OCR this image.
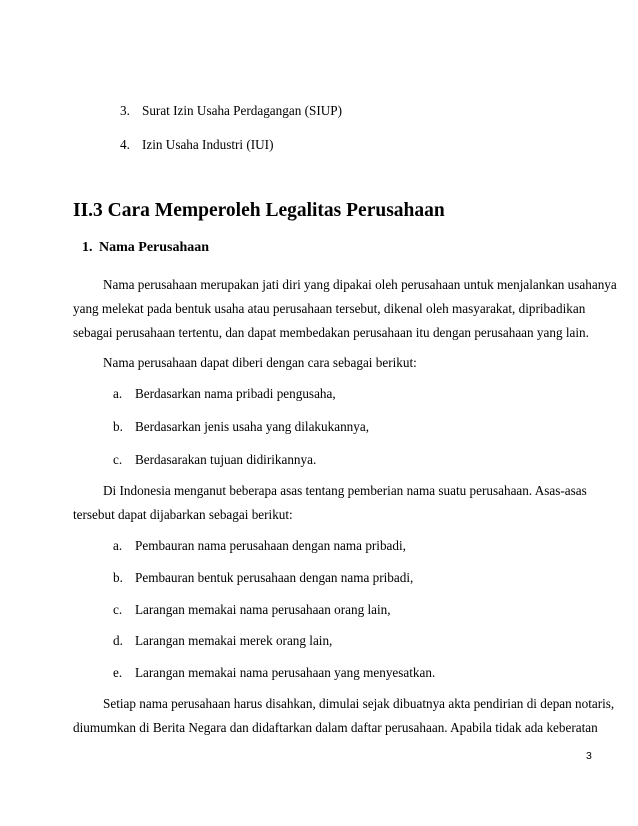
3. Surat Izin Usaha Perdagangan (SIUP)
4. Izin Usaha Industri (IUI)
II.3 Cara Memperoleh Legalitas Perusahaan
1. Nama Perusahaan
Nama perusahaan merupakan jati diri yang dipakai oleh perusahaan untuk menjalankan usahanya
yang melekat pada bentuk usaha atau perusahaan tersebut, dikenal oleh masyarakat, dipribadikan
sebagai perusahaan tertentu, dan dapat membedakan perusahaan itu dengan perusahaan yang lain.
Nama perusahaan dapat diberi dengan cara sebagai berikut:
a. Berdasarkan nama pribadi pengusaha,
b. Berdasarkan jenis usaha yang dilakukannya,
c. Berdasarakan tujuan didirikannya.
Di Indonesia menganut beberapa asas tentang pemberian nama suatu perusahaan. Asas-asas
tersebut dapat dijabarkan sebagai berikut:
a. Pembauran nama perusahaan dengan nama pribadi,
b. Pembauran bentuk perusahaan dengan nama pribadi,
c. Larangan memakai nama perusahaan orang lain,
d. Larangan memakai merek orang lain,
e. Larangan memakai nama perusahaan yang menyesatkan.
Setiap nama perusahaan harus disahkan, dimulai sejak dibuatnya akta pendirian di depan notaris,
diumumkan di Berita Negara dan didaftarkan dalam daftar perusahaan. Apabila tidak ada keberatan
3
